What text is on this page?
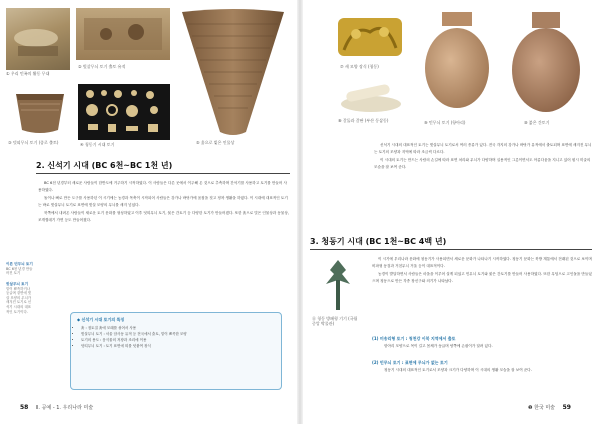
① 우리 민족의 활동 무대
② 빗살무늬 토기 출토 유적
③ 덧띠무늬 토기 (종로 출토)	④ 청동기 시대 토기	⑤ 흙으로 빚은 인물상
2. 신석기 시대 (BC 6천~BC 1천 년)
이른 민무늬 토기
BC 6천 년경 만들어진 토기
빗살무늬 토기
밑이 뾰족하거나 둥글며 겉면에 빗살 모양의 무늬가 새겨진 토기로 신석기 시대의 대표적인 토기이다.

BC 6천 년경부터 새로운 사람들이 한반도에 거주하기 시작하였다. 이 사람들은 다른 곳에서 이주해 온 것으로 추측하며 간석기를 사용하고 토기를 만들어 사용하였다.

돌이나 뼈로 만든 도구를 사용하던 이 시기에는 농경과 목축이 시작되어 사람들은 강가나 바닷가에 움집을 짓고 정착 생활을 하였다. 이 시대에 대표적인 토기는 바로 빗살무늬 토기로 표면에 빗살 모양의 무늬를 새겨 넣었다.

북쪽에서 내려온 사람들이 새로운 토기 문화를 형성하였고 이후 덧띠무늬 토기, 붉은 간토기 등 다양한 토기가 만들어졌다. 또한 흙으로 빚은 인물상과 동물상, 조개껍데기 가면 등도 만들어졌다.

◆ 신석기 시대 토기의 특징
• 흙 : 점토질 흙에 모래를 섞어서 사용
• 빗살무늬 토기 : 서울 암사동 유적 등 전국에서 출토, 밑이 뾰족한 모양
• 토기의 용도 : 음식물의 저장과 조리에 이용
• 덧띠무늬 토기 : 토기 표면에 띠를 덧붙여 장식
58 Ⅱ. 공예 - 1. 우리나라 미술
⑦ 새 모양 장식 (청동)
⑧ 갈돌과 갈판 (부산 동삼동)	⑨ 민무늬 토기 (항아리)	⑩ 붉은 간토기

신석기 시대의 대표적인 토기는 빗살무늬 토기로서 여러 종류가 있다. 전국 각지의 강가나 바닷가 유적에서 출토되며 표면에 새겨진 무늬는 토기의 모양과 지역에 따라 조금씩 다르다.

이 시대의 토기는 만드는 사람의 손길에 따라 표면 처리와 무늬가 다양하며 실용적인 그릇이면서도 아름다움을 지니고 있어 원시 미술의 모습을 잘 보여 준다.

3. 청동기 시대 (BC 1천~BC 4백 년)
⑪ 청동 방패형 기기 (국립 중앙 박물관)

이 시기에 우리나라 문화에 청동기가 사용되면서 새로운 문화가 나타나기 시작하였다. 청동기 문화는 북방 계통에서 전래된 것으로 보이며 비파형 동검과 거친무늬 거울 등이 대표적이다.

농경이 발달하면서 사람들은 마을을 이루어 살게 되었고 민무늬 토기와 붉은 간토기를 만들어 사용하였다. 또한 무덤으로 고인돌을 만들었으며 청동으로 만든 각종 장신구와 의기가 나타났다.

(1) 미송리형 토기 : 청천강 이북 지역에서 출토

항아리 모양으로 목이 길고 몸체가 둥글며 양쪽에 손잡이가 달려 있다.

(2) 민무늬 토기 : 표면에 무늬가 없는 토기

청동기 시대의 대표적인 토기로서 모양과 크기가 다양하며 이 시대의 생활 모습을 잘 보여 준다.

❶ 한국 미술 59
